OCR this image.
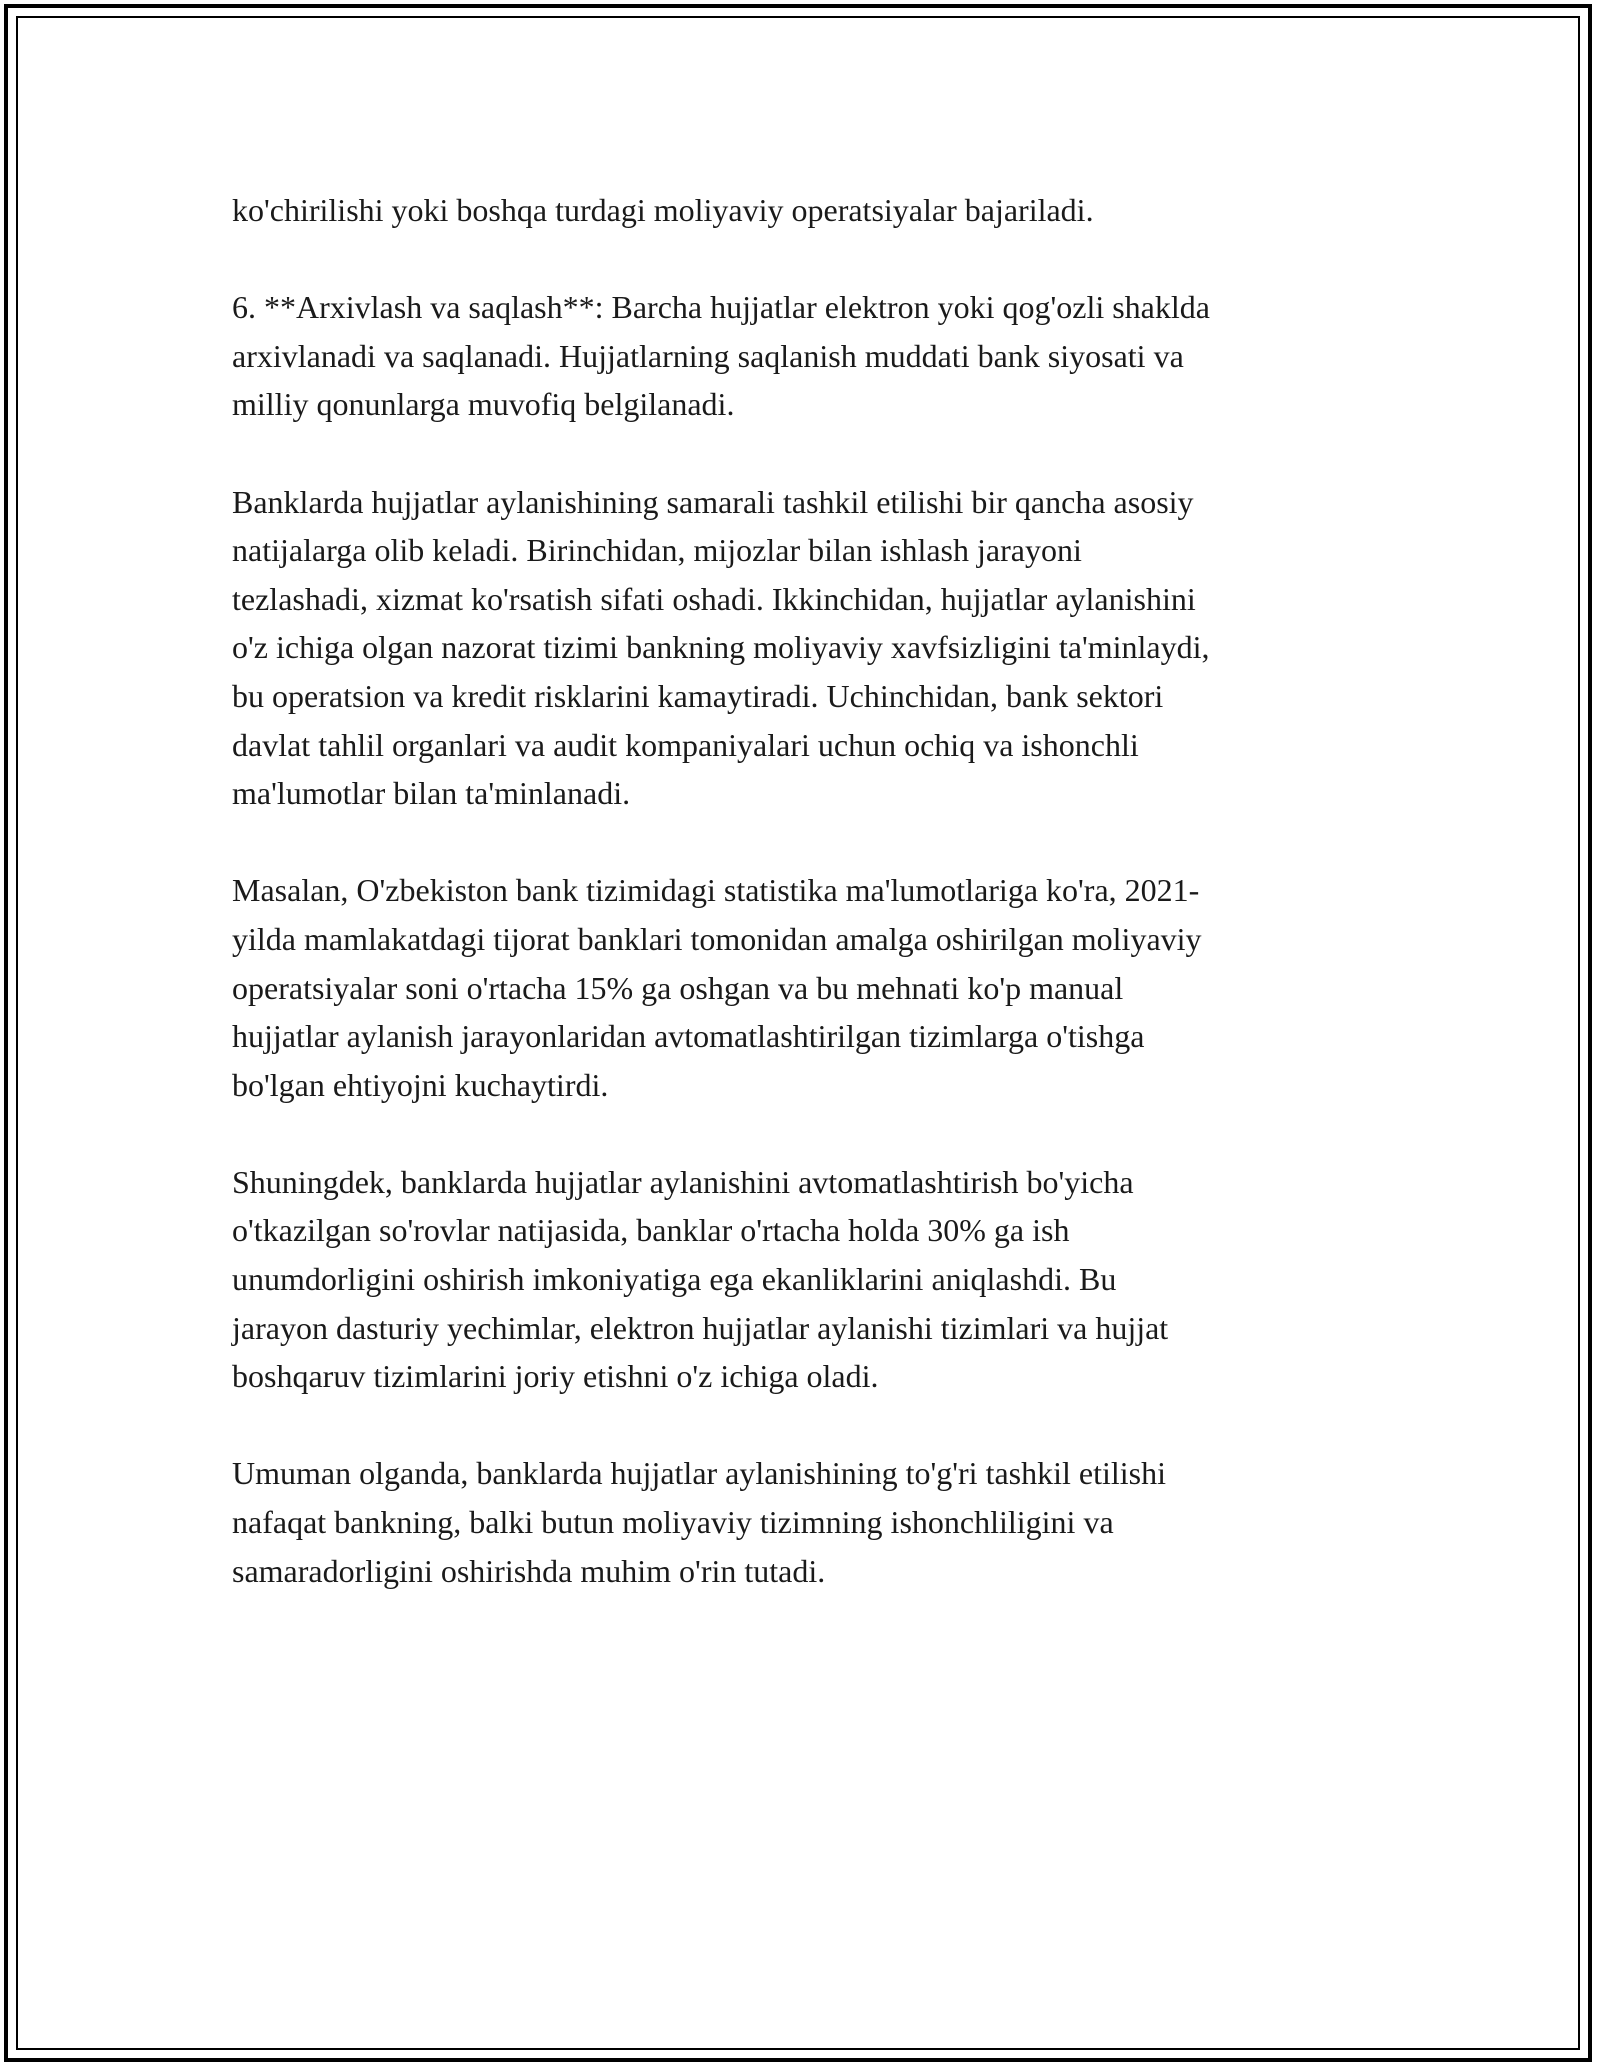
ko'chirilishi yoki boshqa turdagi moliyaviy operatsiyalar bajariladi.

6. **Arxivlash va saqlash**: Barcha hujjatlar elektron yoki qog'ozli shaklda
arxivlanadi va saqlanadi. Hujjatlarning saqlanish muddati bank siyosati va
milliy qonunlarga muvofiq belgilanadi.

Banklarda hujjatlar aylanishining samarali tashkil etilishi bir qancha asosiy
natijalarga olib keladi. Birinchidan, mijozlar bilan ishlash jarayoni
tezlashadi, xizmat ko'rsatish sifati oshadi. Ikkinchidan, hujjatlar aylanishini
o'z ichiga olgan nazorat tizimi bankning moliyaviy xavfsizligini ta'minlaydi,
bu operatsion va kredit risklarini kamaytiradi. Uchinchidan, bank sektori
davlat tahlil organlari va audit kompaniyalari uchun ochiq va ishonchli
ma'lumotlar bilan ta'minlanadi.

Masalan, O'zbekiston bank tizimidagi statistika ma'lumotlariga ko'ra, 2021-
yilda mamlakatdagi tijorat banklari tomonidan amalga oshirilgan moliyaviy
operatsiyalar soni o'rtacha 15% ga oshgan va bu mehnati ko'p manual
hujjatlar aylanish jarayonlaridan avtomatlashtirilgan tizimlarga o'tishga
bo'lgan ehtiyojni kuchaytirdi.

Shuningdek, banklarda hujjatlar aylanishini avtomatlashtirish bo'yicha
o'tkazilgan so'rovlar natijasida, banklar o'rtacha holda 30% ga ish
unumdorligini oshirish imkoniyatiga ega ekanliklarini aniqlashdi. Bu
jarayon dasturiy yechimlar, elektron hujjatlar aylanishi tizimlari va hujjat
boshqaruv tizimlarini joriy etishni o'z ichiga oladi.

Umuman olganda, banklarda hujjatlar aylanishining to'g'ri tashkil etilishi
nafaqat bankning, balki butun moliyaviy tizimning ishonchliligini va
samaradorligini oshirishda muhim o'rin tutadi.
